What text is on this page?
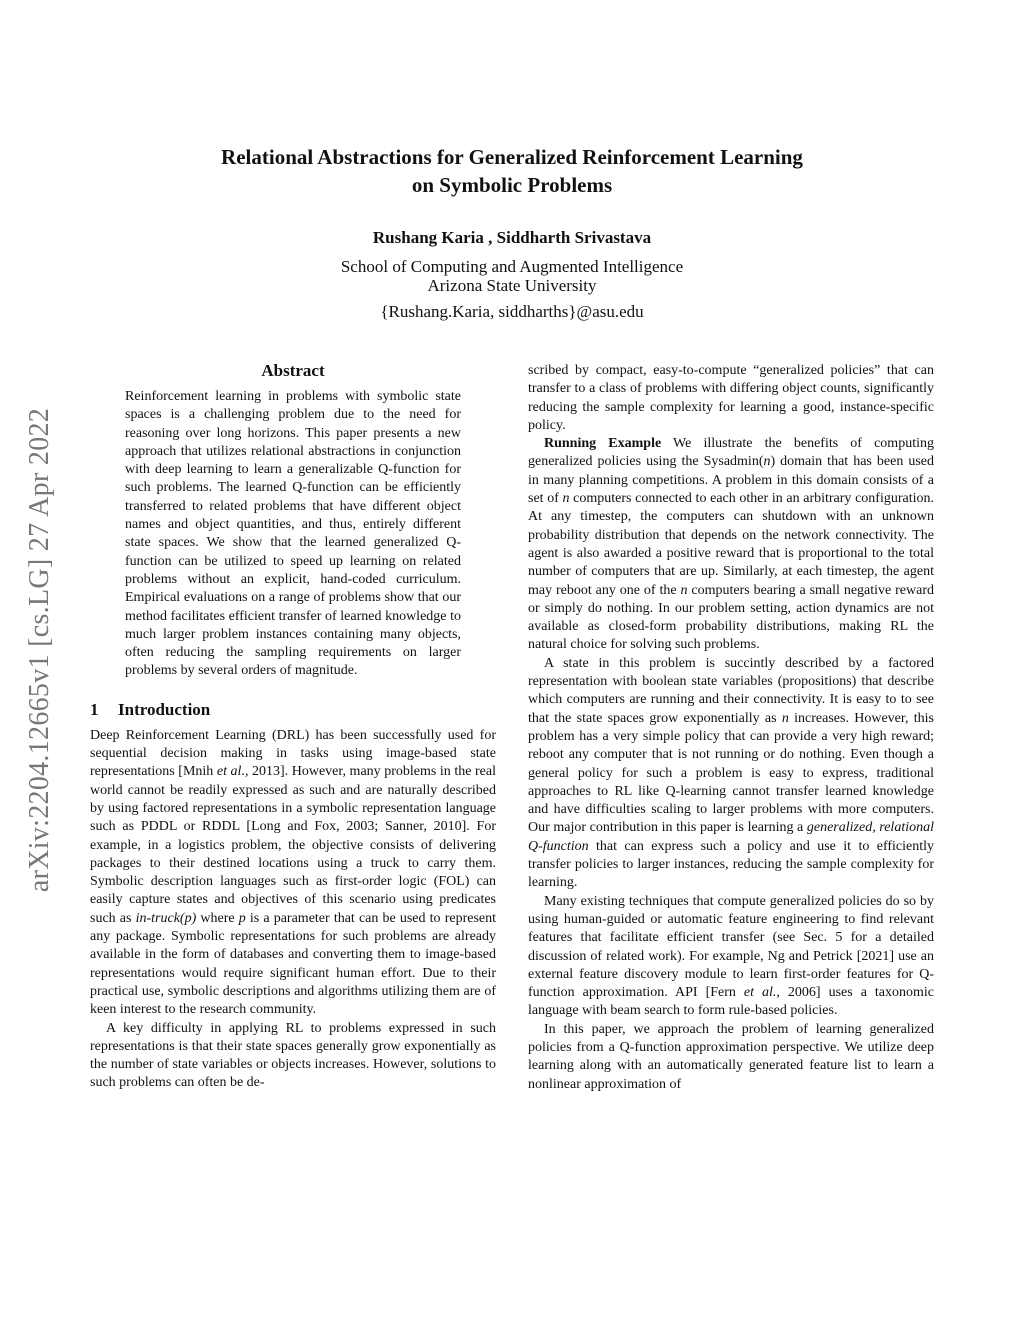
arXiv:2204.12665v1 [cs.LG] 27 Apr 2022
Relational Abstractions for Generalized Reinforcement Learning
on Symbolic Problems
Rushang Karia , Siddharth Srivastava
School of Computing and Augmented Intelligence
Arizona State University
{Rushang.Karia, siddharths}@asu.edu
Abstract

Reinforcement learning in problems with symbolic state spaces is a challenging problem due to the need for reasoning over long horizons. This paper presents a new approach that utilizes relational abstractions in conjunction with deep learning to learn a generalizable Q-function for such problems. The learned Q-function can be efficiently transferred to related problems that have different object names and object quantities, and thus, entirely different state spaces. We show that the learned generalized Q-function can be utilized to speed up learning on related problems without an explicit, hand-coded curriculum. Empirical evaluations on a range of problems show that our method facilitates efficient transfer of learned knowledge to much larger problem instances containing many objects, often reducing the sampling requirements on larger problems by several orders of magnitude.

1 Introduction

Deep Reinforcement Learning (DRL) has been successfully used for sequential decision making in tasks using image-based state representations [Mnih et al., 2013]. However, many problems in the real world cannot be readily expressed as such and are naturally described by using factored representations in a symbolic representation language such as PDDL or RDDL [Long and Fox, 2003; Sanner, 2010]. For example, in a logistics problem, the objective consists of delivering packages to their destined locations using a truck to carry them. Symbolic description languages such as first-order logic (FOL) can easily capture states and objectives of this scenario using predicates such as in-truck(p) where p is a parameter that can be used to represent any package. Symbolic representations for such problems are already available in the form of databases and converting them to image-based representations would require significant human effort. Due to their practical use, symbolic descriptions and algorithms utilizing them are of keen interest to the research community.

A key difficulty in applying RL to problems expressed in such representations is that their state spaces generally grow exponentially as the number of state variables or objects increases. However, solutions to such problems can often be de-

scribed by compact, easy-to-compute “generalized policies” that can transfer to a class of problems with differing object counts, significantly reducing the sample complexity for learning a good, instance-specific policy.

Running Example We illustrate the benefits of computing generalized policies using the Sysadmin(n) domain that has been used in many planning competitions. A problem in this domain consists of a set of n computers connected to each other in an arbitrary configuration. At any timestep, the computers can shutdown with an unknown probability distribution that depends on the network connectivity. The agent is also awarded a positive reward that is proportional to the total number of computers that are up. Similarly, at each timestep, the agent may reboot any one of the n computers bearing a small negative reward or simply do nothing. In our problem setting, action dynamics are not available as closed-form probability distributions, making RL the natural choice for solving such problems.

A state in this problem is succintly described by a factored representation with boolean state variables (propositions) that describe which computers are running and their connectivity. It is easy to to see that the state spaces grow exponentially as n increases. However, this problem has a very simple policy that can provide a very high reward; reboot any computer that is not running or do nothing. Even though a general policy for such a problem is easy to express, traditional approaches to RL like Q-learning cannot transfer learned knowledge and have difficulties scaling to larger problems with more computers. Our major contribution in this paper is learning a generalized, relational Q-function that can express such a policy and use it to efficiently transfer policies to larger instances, reducing the sample complexity for learning.

Many existing techniques that compute generalized policies do so by using human-guided or automatic feature engineering to find relevant features that facilitate efficient transfer (see Sec. 5 for a detailed discussion of related work). For example, Ng and Petrick [2021] use an external feature discovery module to learn first-order features for Q-function approximation. API [Fern et al., 2006] uses a taxonomic language with beam search to form rule-based policies.

In this paper, we approach the problem of learning generalized policies from a Q-function approximation perspective. We utilize deep learning along with an automatically generated feature list to learn a nonlinear approximation of
